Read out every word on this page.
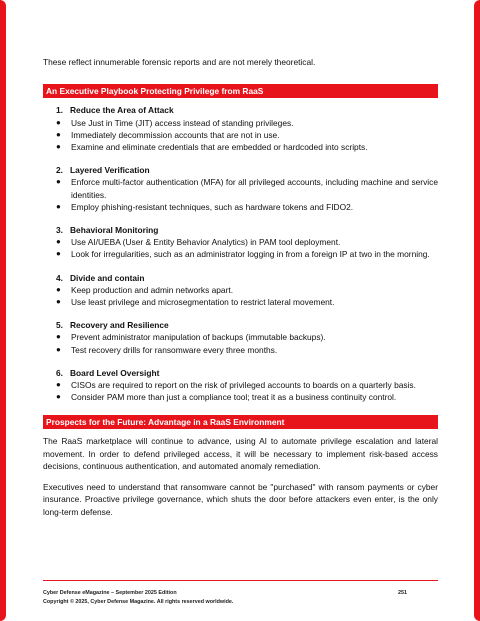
These reflect innumerable forensic reports and are not merely theoretical.

An Executive Playbook Protecting Privilege from RaaS
1. Reduce the Area of Attack
●	Use Just in Time (JIT) access instead of standing privileges.
●	Immediately decommission accounts that are not in use.
●	Examine and eliminate credentials that are embedded or hardcoded into scripts.
2. Layered Verification
●	Enforce multi-factor authentication (MFA) for all privileged accounts, including machine and service identities.
●	Employ phishing-resistant techniques, such as hardware tokens and FIDO2.
3. Behavioral Monitoring
●	Use AI/UEBA (User & Entity Behavior Analytics) in PAM tool deployment.
●	Look for irregularities, such as an administrator logging in from a foreign IP at two in the morning.
4. Divide and contain
●	Keep production and admin networks apart.
●	Use least privilege and microsegmentation to restrict lateral movement.
5. Recovery and Resilience
●	Prevent administrator manipulation of backups (immutable backups).
●	Test recovery drills for ransomware every three months.
6. Board Level Oversight
●	CISOs are required to report on the risk of privileged accounts to boards on a quarterly basis.
●	Consider PAM more than just a compliance tool; treat it as a business continuity control.
Prospects for the Future: Advantage in a RaaS Environment

The RaaS marketplace will continue to advance, using AI to automate privilege escalation and lateral movement. In order to defend privileged access, it will be necessary to implement risk-based access decisions, continuous authentication, and automated anomaly remediation.

Executives need to understand that ransomware cannot be "purchased" with ransom payments or cyber insurance. Proactive privilege governance, which shuts the door before attackers even enter, is the only long-term defense.

Cyber Defense eMagazine – September 2025 Edition	251
Copyright © 2025, Cyber Defense Magazine. All rights reserved worldwide.
